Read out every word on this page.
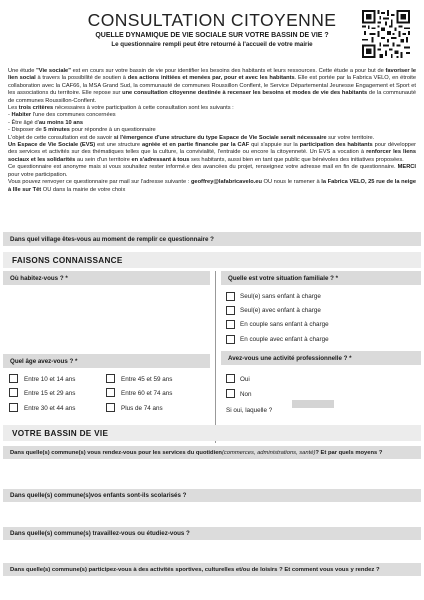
CONSULTATION CITOYENNE
QUELLE DYNAMIQUE DE VIE SOCIALE SUR VOTRE BASSIN DE VIE ?
Le questionnaire rempli peut être retourné à l'accueil de votre mairie

Une étude "Vie sociale" est en cours sur votre bassin de vie pour identifier les besoins des habitants et leurs ressources. Cette étude a pour but de favoriser le lien social à travers la possibilité de soutien à des actions initiées et menées par, pour et avec les habitants. Elle est portée par la Fabrica VELO, en étroite collaboration avec la CAF66, la MSA Grand Sud, la communauté de communes Roussillon Conflent, le Service Départemental Jeunesse Engagement et Sport et les associations du territoire. Elle repose sur une consultation citoyenne destinée à recenser les besoins et modes de vie des habitants de la communauté de communes Roussillon-Conflent.

Les trois critères nécessaires à votre participation à cette consultation sont les suivants :

- Habiter l'une des communes concernées

- Être âgé d'au moins 10 ans

- Disposer de 5 minutes pour répondre à un questionnaire

L'objet de cette consultation est de savoir si l'émergence d'une structure du type Espace de Vie Sociale serait nécessaire sur votre territoire.

Un Espace de Vie Sociale (EVS) est une structure agréée et en partie financée par la CAF qui s'appuie sur la participation des habitants pour développer des services et activités sur des thématiques telles que la culture, la convivialité, l'entraide ou encore la citoyenneté. Un EVS a vocation à renforcer les liens sociaux et les solidarités au sein d'un territoire en s'adressant à tous ses habitants, aussi bien en tant que public que bénévoles des initiatives proposées.

Ce questionnaire est anonyme mais si vous souhaitez rester informé.e des avancées du projet, renseignez votre adresse mail en fin de questionnaire. MERCI pour votre participation.

Vous pouvez renvoyer ce questionnaire par mail sur l'adresse suivante : geoffrey@lafabricavelo.eu OU nous le ramener à la Fabrica VELO, 25 rue de la neige à Ille sur Têt OU dans la mairie de votre choix

Dans quel village êtes-vous au moment de remplir ce questionnaire ?
FAISONS CONNAISSANCE
Où habitez-vous ? *	Quelle est votre situation familiale ? *
Seul(e) sans enfant à charge
Seul(e) avec enfant à charge
En couple sans enfant à charge
En couple avec enfant à charge
Quel âge avez-vous ? *
Entre 10 et 14 ans	Entre 45 et 59 ans
Entre 15 et 29 ans	Entre 60 et 74 ans
Entre 30 et 44 ans	Plus de 74 ans
Avez-vous une activité professionnelle ? *
Oui
Non
Si oui, laquelle ?
VOTRE BASSIN DE VIE
Dans quelle(s) commune(s) vous rendez-vous pour les services du quotidien (commerces, administrations, santé) ? Et par quels moyens ?
Dans quelle(s) commune(s)vos enfants sont-ils scolarisés ?
Dans quelle(s) commune(s) travaillez-vous ou étudiez-vous ?
Dans quelle(s) commune(s) participez-vous à des activités sportives, culturelles et/ou de loisirs ? Et comment vous vous y rendez ?
